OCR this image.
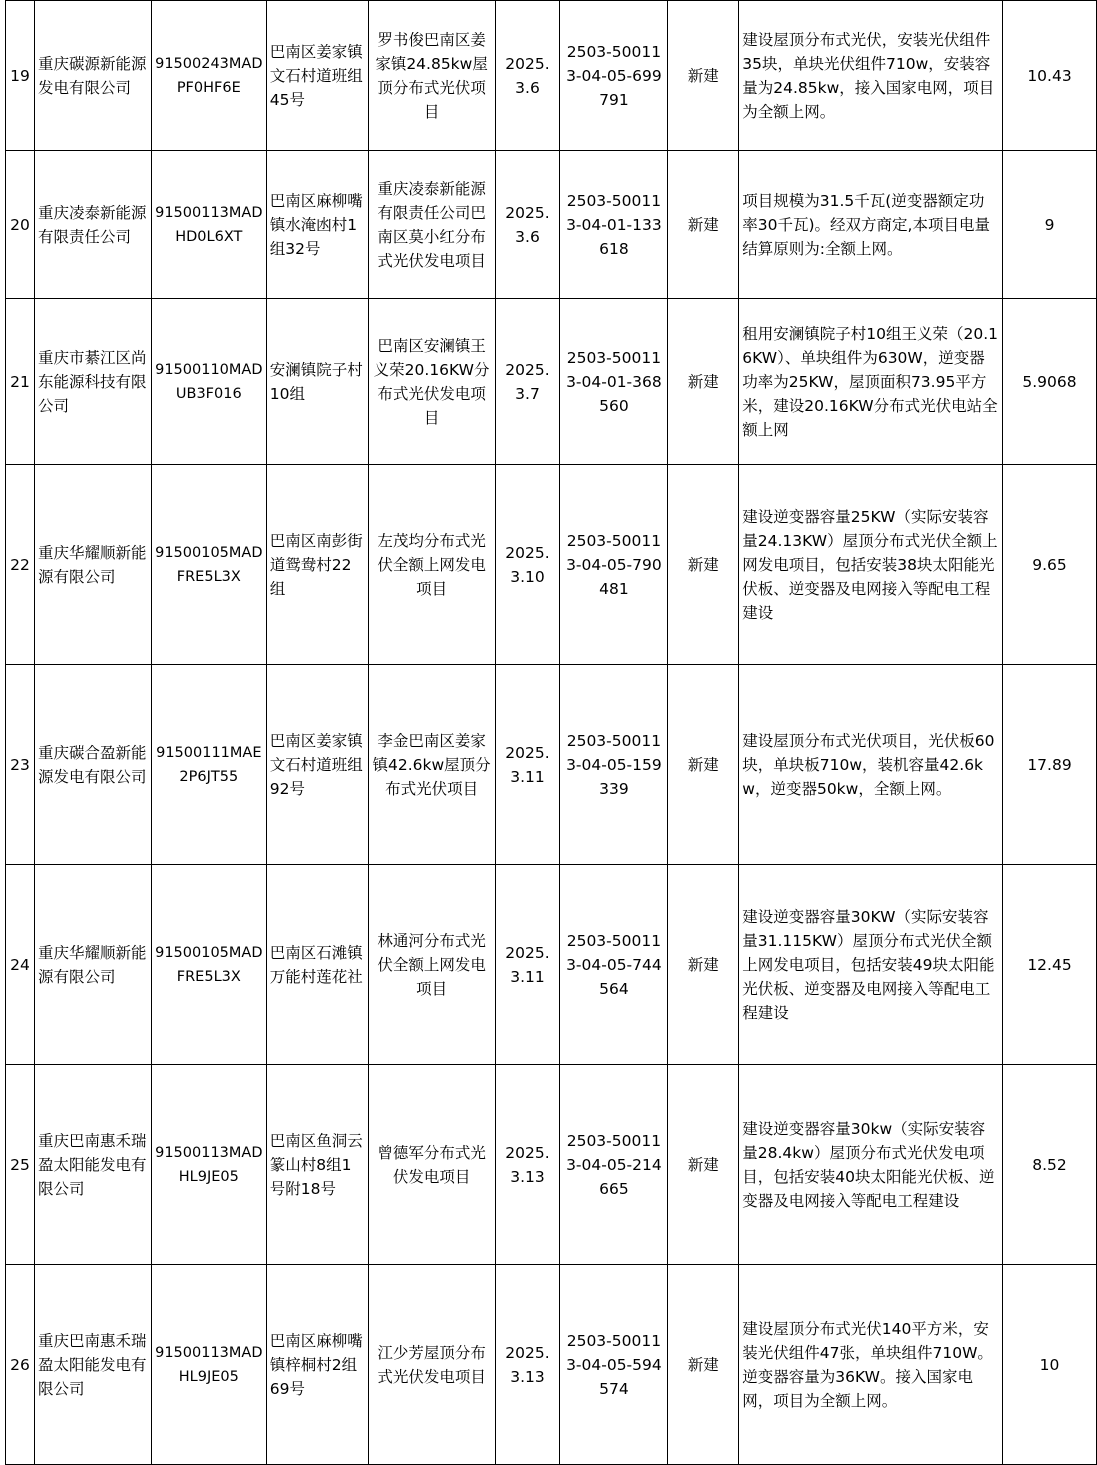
19	重庆碳源新能源发电有限公司	91500243MADPF0HF6E	巴南区姜家镇文石村道班组45号	罗书俊巴南区姜家镇24.85kw屋顶分布式光伏项目	2025.3.6	2503-500113-04-05-699791	新建	建设屋顶分布式光伏，安装光伏组件35块，单块光伏组件710w，安装容量为24.85kw，接入国家电网，项目为全额上网。	10.43
20	重庆凌泰新能源有限责任公司	91500113MADHD0L6XT	巴南区麻柳嘴镇水淹凼村1组32号	重庆凌泰新能源有限责任公司巴南区莫小红分布式光伏发电项目	2025.3.6	2503-500113-04-01-133618	新建	项目规模为31.5千瓦(逆变器额定功率30千瓦)。经双方商定,本项目电量结算原则为:全额上网。	9
21	重庆市綦江区尚东能源科技有限公司	91500110MADUB3F016	安澜镇院子村10组	巴南区安澜镇王义荣20.16KW分布式光伏发电项目	2025.3.7	2503-500113-04-01-368560	新建	租用安澜镇院子村10组王义荣（20.16KW）、单块组件为630W，逆变器功率为25KW，屋顶面积73.95平方米，建设20.16KW分布式光伏电站全额上网	5.9068
22	重庆华耀顺新能源有限公司	91500105MADFRE5L3X	巴南区南彭街道鸳鸯村22组	左茂均分布式光伏全额上网发电项目	2025.3.10	2503-500113-04-05-790481	新建	建设逆变器容量25KW（实际安装容量24.13KW）屋顶分布式光伏全额上网发电项目，包括安装38块太阳能光伏板、逆变器及电网接入等配电工程建设	9.65
23	重庆碳合盈新能源发电有限公司	91500111MAE2P6JT55	巴南区姜家镇文石村道班组92号	李金巴南区姜家镇42.6kw屋顶分布式光伏项目	2025.3.11	2503-500113-04-05-159339	新建	建设屋顶分布式光伏项目，光伏板60块，单块板710w，装机容量42.6kw，逆变器50kw，全额上网。	17.89
24	重庆华耀顺新能源有限公司	91500105MADFRE5L3X	巴南区石滩镇万能村莲花社	林通河分布式光伏全额上网发电项目	2025.3.11	2503-500113-04-05-744564	新建	建设逆变器容量30KW（实际安装容量31.115KW）屋顶分布式光伏全额上网发电项目，包括安装49块太阳能光伏板、逆变器及电网接入等配电工程建设	12.45
25	重庆巴南惠禾瑞盈太阳能发电有限公司	91500113MADHL9JE05	巴南区鱼洞云篆山村8组1号附18号	曾德军分布式光伏发电项目	2025.3.13	2503-500113-04-05-214665	新建	建设逆变器容量30kw（实际安装容量28.4kw）屋顶分布式光伏发电项目，包括安装40块太阳能光伏板、逆变器及电网接入等配电工程建设	8.52
26	重庆巴南惠禾瑞盈太阳能发电有限公司	91500113MADHL9JE05	巴南区麻柳嘴镇梓桐村2组69号	江少芳屋顶分布式光伏发电项目	2025.3.13	2503-500113-04-05-594574	新建	建设屋顶分布式光伏140平方米，安装光伏组件47张，单块组件710W。逆变器容量为36KW。接入国家电网，项目为全额上网。	10
